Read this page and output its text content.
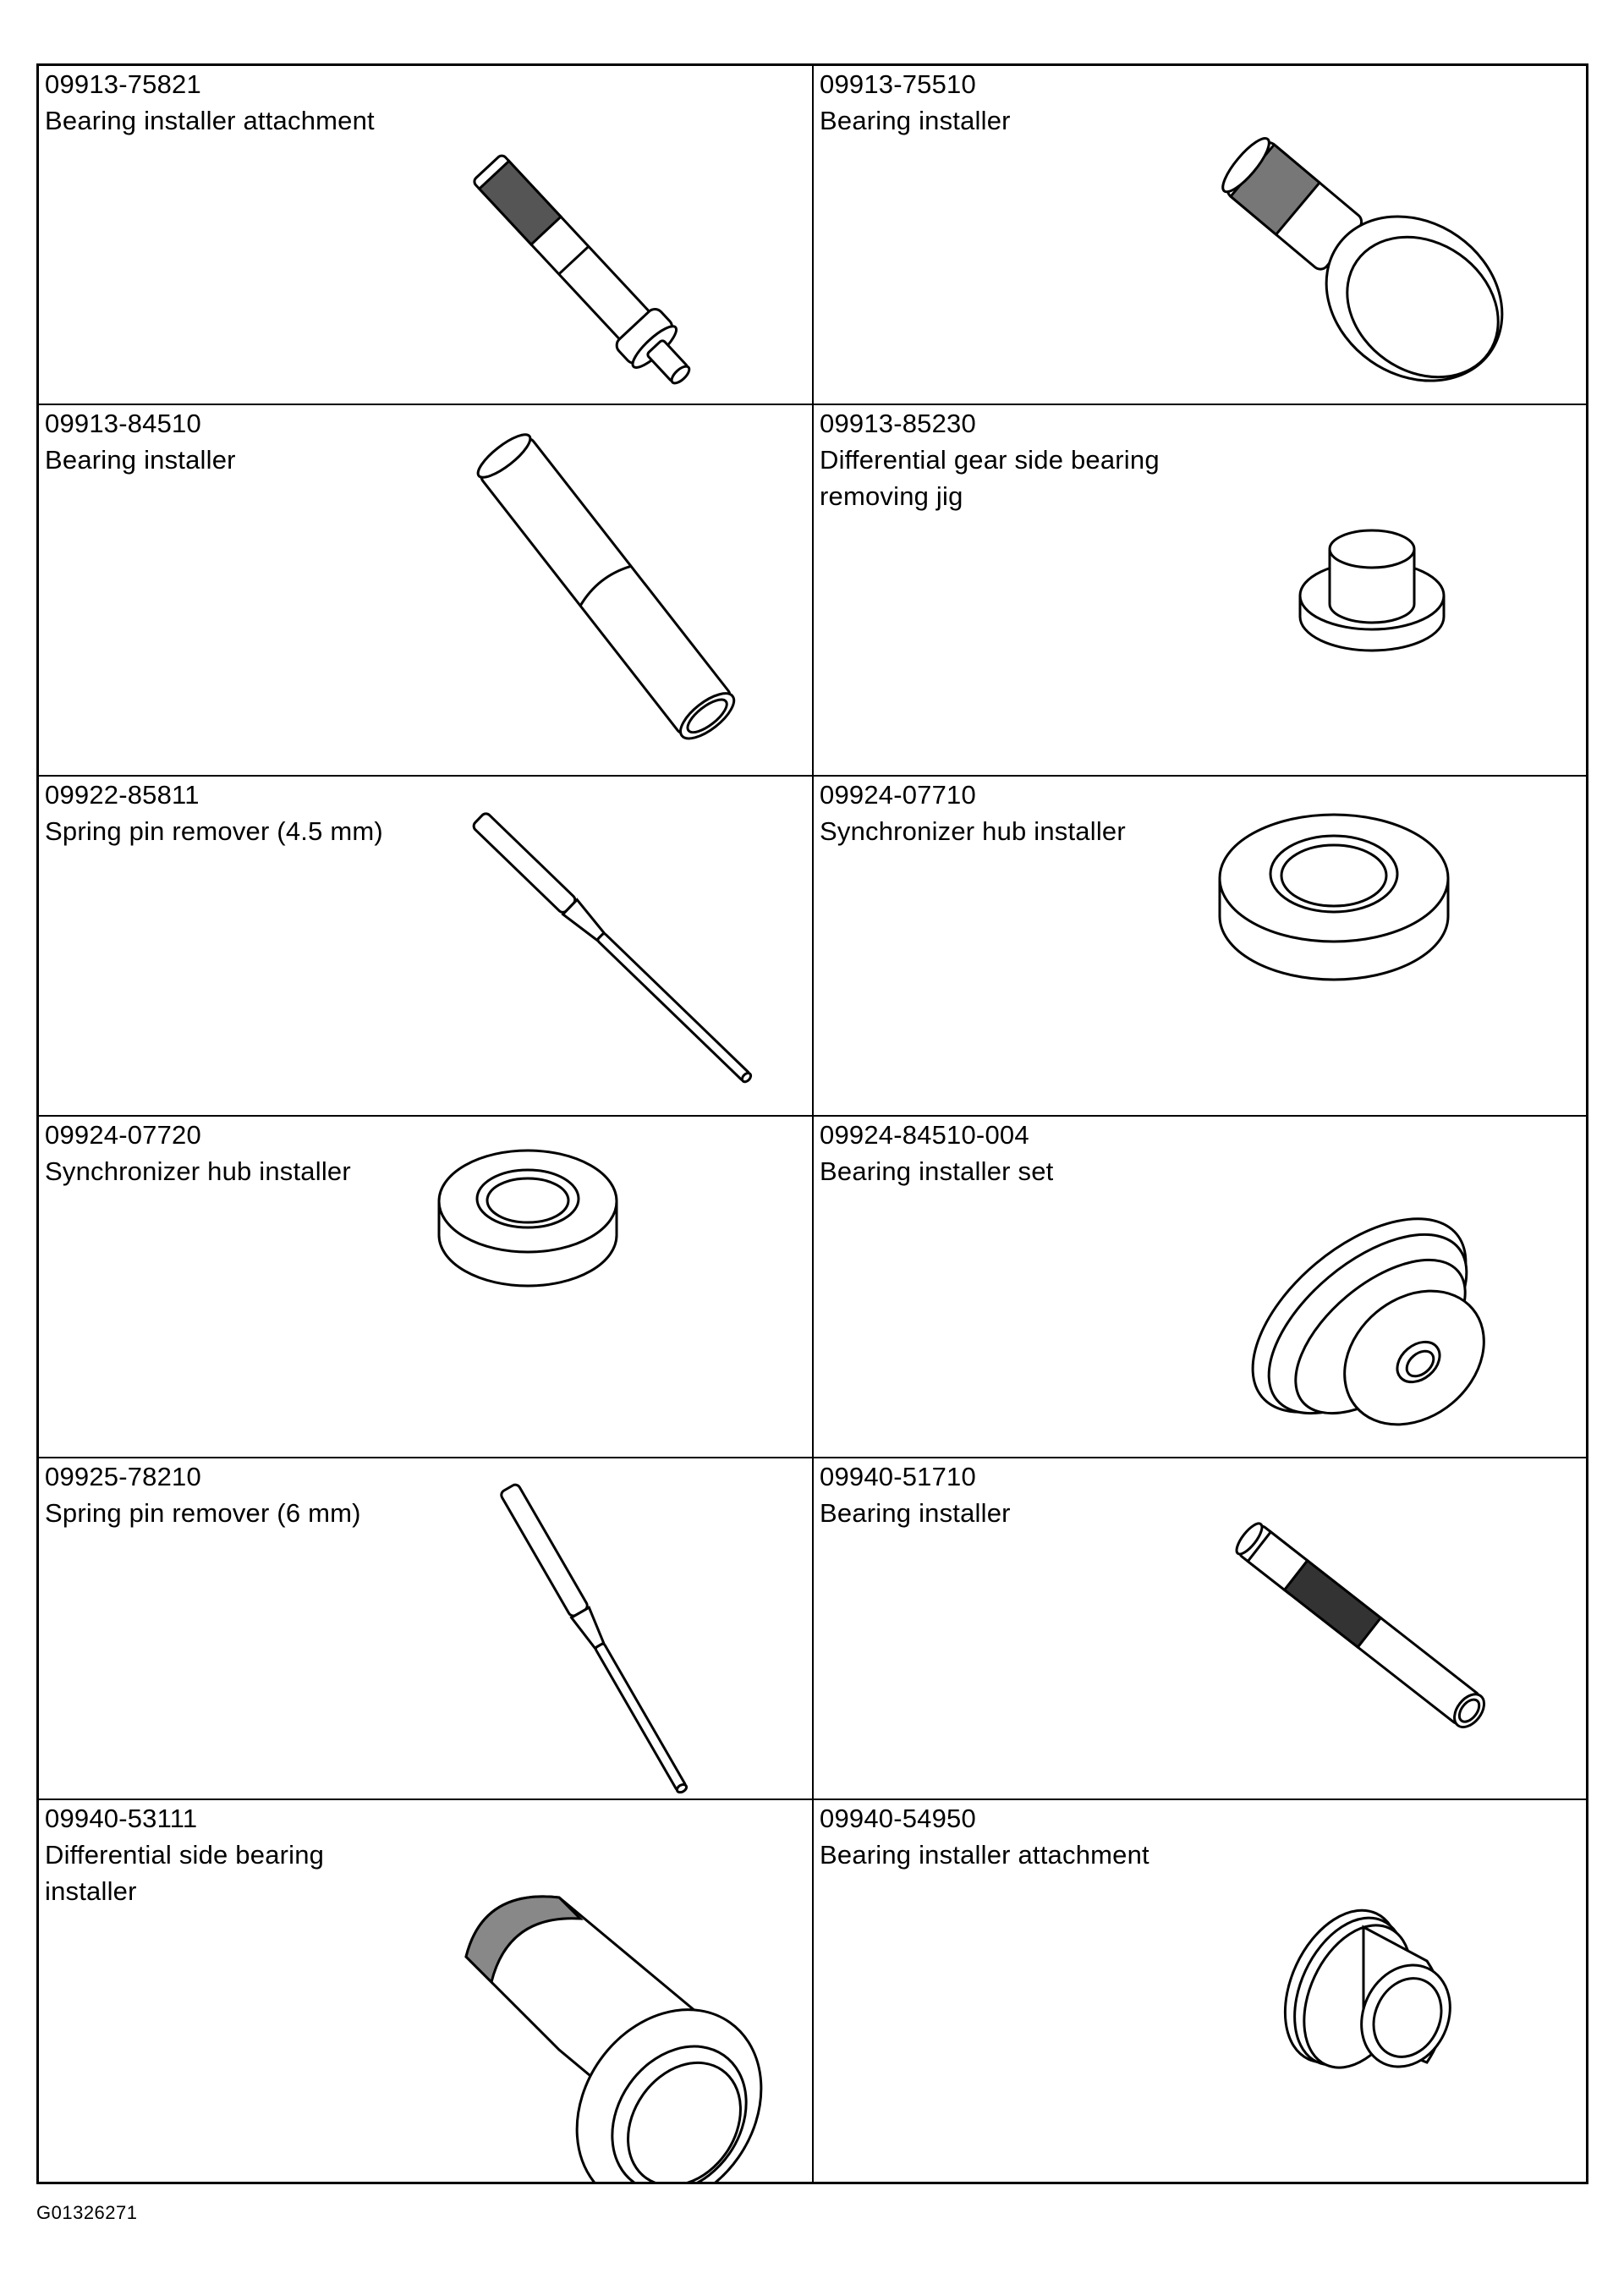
09913-75821
Bearing installer attachment
09913-75510
Bearing installer
09913-84510
Bearing installer
09913-85230
Differential gear side bearing
removing jig
09922-85811
Spring pin remover (4.5 mm)
09924-07710
Synchronizer hub installer
09924-07720
Synchronizer hub installer
09924-84510-004
Bearing installer set
09925-78210
Spring pin remover (6 mm)
09940-51710
Bearing installer
09940-53111
Differential side bearing
installer
09940-54950
Bearing installer attachment
G01326271
